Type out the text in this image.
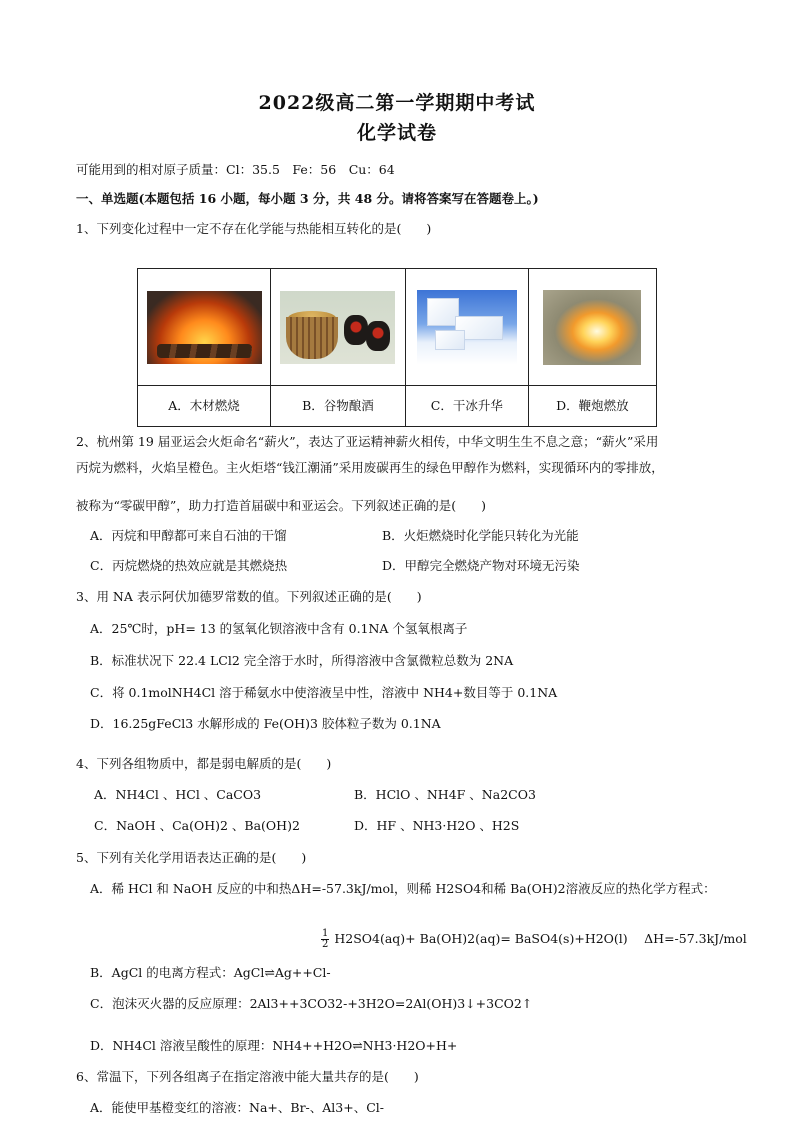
2022级高二第一学期期中考试
化学试卷
可能用到的相对原子质量：Cl：35.5　Fe：56　Cu：64
一、单选题(本题包括 16 小题，每小题 3 分，共 48 分。请将答案写在答题卷上。)
1、下列变化过程中一定不存在化学能与热能相互转化的是(　　)

A．木材燃烧	B．谷物酿酒	C．干冰升华	D．鞭炮燃放
2、杭州第 19 届亚运会火炬命名“薪火”，表达了亚运精神薪火相传，中华文明生生不息之意；“薪火”采用
丙烷为燃料，火焰呈橙色。主火炬塔“钱江潮涌”采用废碳再生的绿色甲醇作为燃料，实现循环内的零排放，
被称为“零碳甲醇”，助力打造首届碳中和亚运会。下列叙述正确的是(　　)
A．丙烷和甲醇都可来自石油的干馏	B．火炬燃烧时化学能只转化为光能
C．丙烷燃烧的热效应就是其燃烧热	D．甲醇完全燃烧产物对环境无污染
3、用 NA 表示阿伏加德罗常数的值。下列叙述正确的是(　　)
A．25℃时，pH= 13 的氢氧化钡溶液中含有 0.1NA 个氢氧根离子
B．标准状况下 22.4 LCl2 完全溶于水时，所得溶液中含氯微粒总数为 2NA
C．将 0.1molNH4Cl 溶于稀氨水中使溶液呈中性，溶液中 NH4+数目等于 0.1NA
D．16.25gFeCl3 水解形成的 Fe(OH)3 胶体粒子数为 0.1NA
4、下列各组物质中，都是弱电解质的是(　　)
A．NH4Cl 、HCl 、CaCO3	B．HClO 、NH4F 、Na2CO3
C．NaOH 、Ca(OH)2 、Ba(OH)2	D．HF 、NH3·H2O 、H2S
5、下列有关化学用语表达正确的是(　　)
A．稀 HCl 和 NaOH 反应的中和热ΔH=-57.3kJ/mol，则稀 H2SO4和稀 Ba(OH)2溶液反应的热化学方程式：
$\frac{1}{2} H2SO4(aq)+ Ba(OH)2(aq)=$ BaSO4(s)+H2O(l)　 ΔH=-57.3kJ/mol
B．AgCl 的电离方程式：AgCl⇌Ag++Cl-
C．泡沫灭火器的反应原理：2Al3++3CO32-+3H2O=2Al(OH)3↓+3CO2↑
D．NH4Cl 溶液呈酸性的原理：NH4++H2O⇌NH3·H2O+H+
6、常温下，下列各组离子在指定溶液中能大量共存的是(　　)
A．能使甲基橙变红的溶液：Na+、Br-、Al3+、Cl-
